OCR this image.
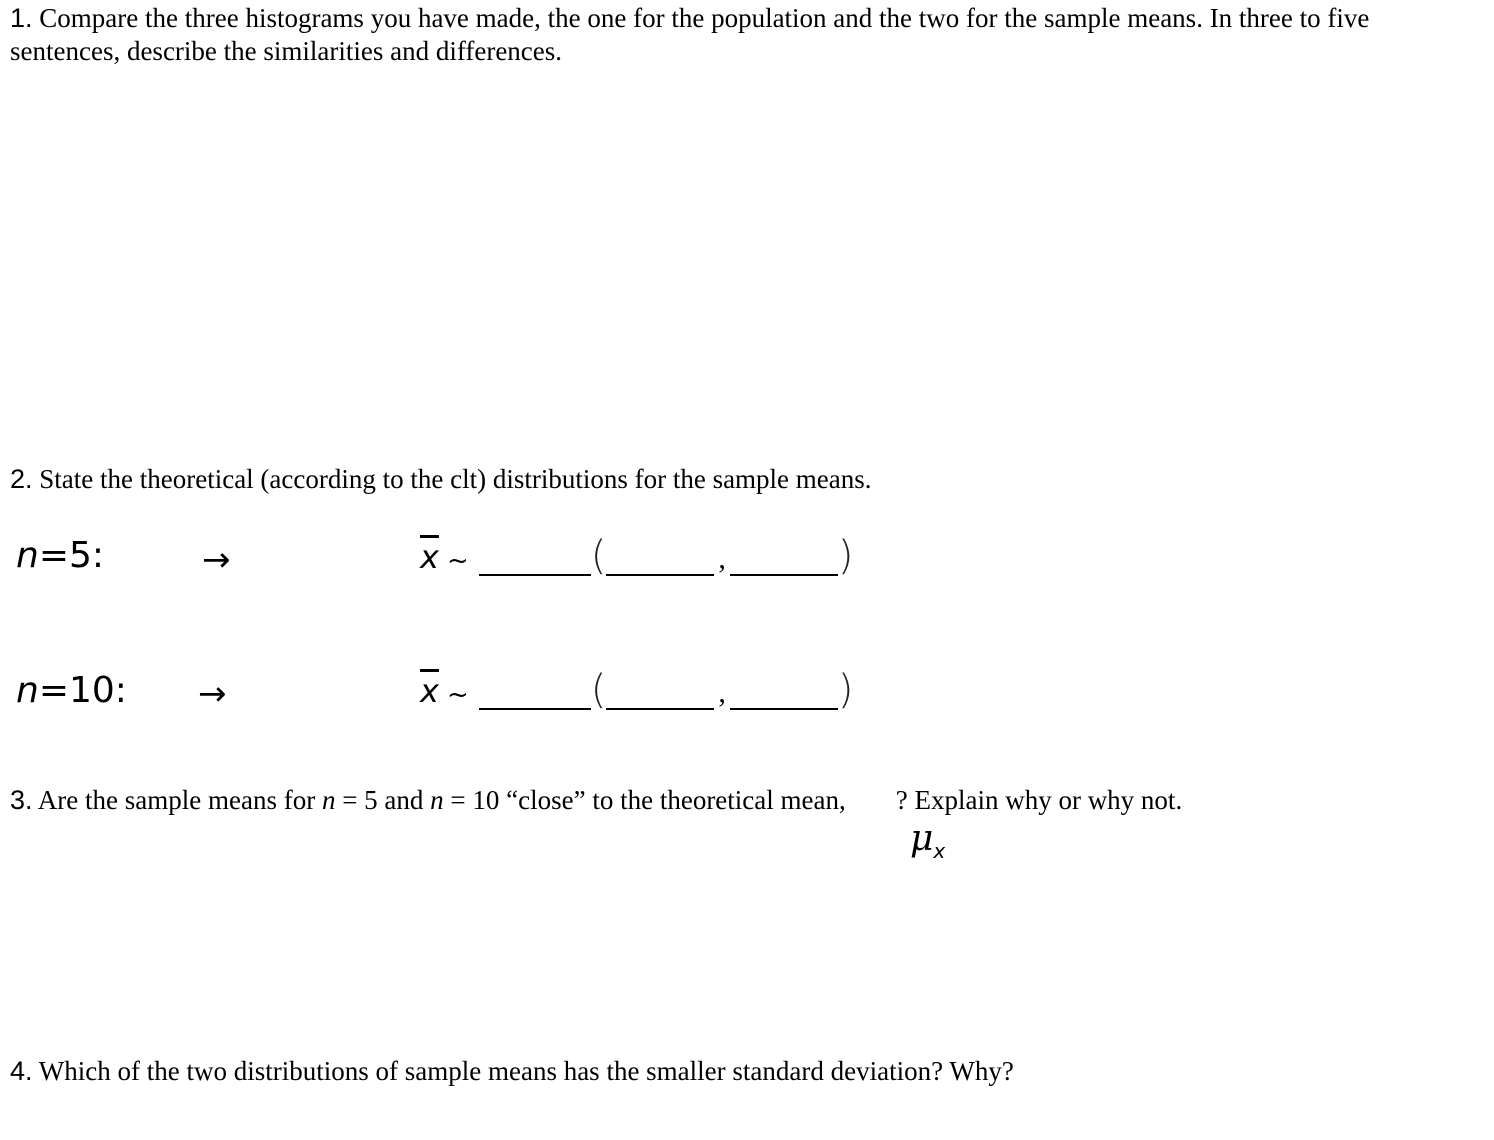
1. Compare the three histograms you have made, the one for the population and the two for the sample means. In three to five sentences, describe the similarities and differences.
2. State the theoretical (according to the clt) distributions for the sample means.
n=5:	→	$\overline{x}$ ~	(	,	)
n=10: →	$\overline{x}$ ~	(	,	)
3. Are the sample means for n = 5 and n = 10 “close” to the theoretical mean, ? Explain why or why not.
$\mu_x$
4. Which of the two distributions of sample means has the smaller standard deviation? Why?
